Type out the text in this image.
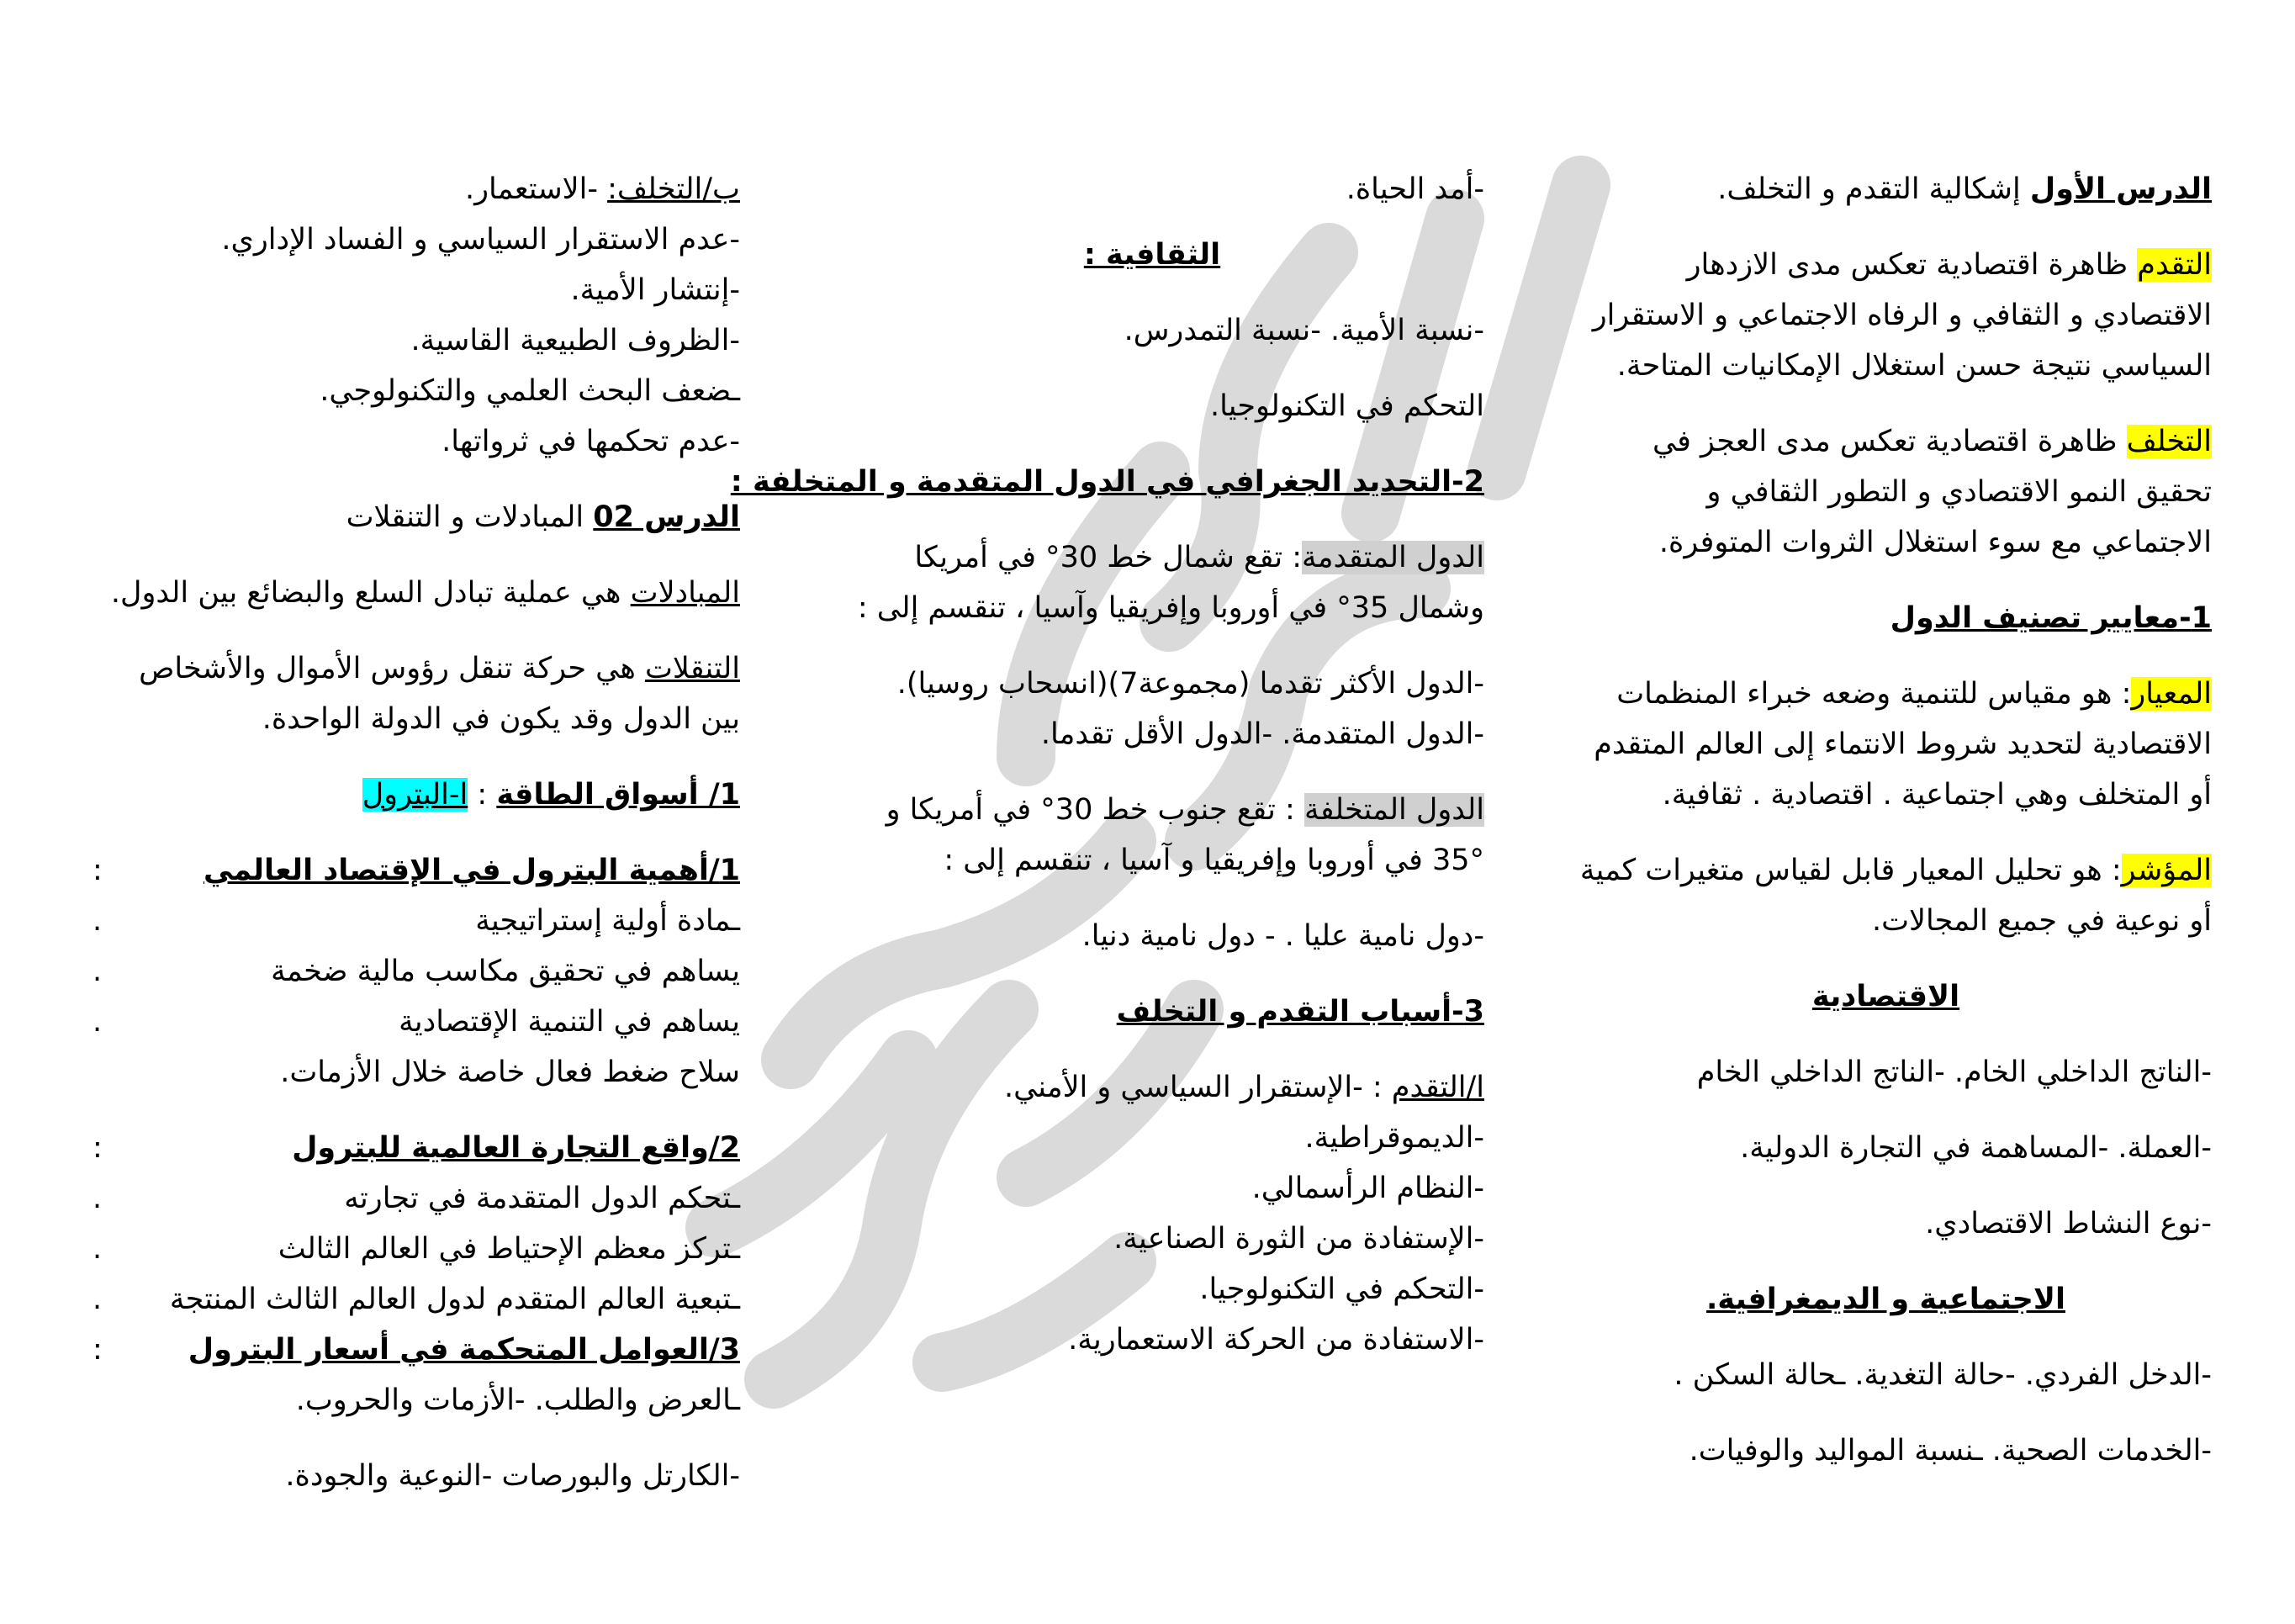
الدرس الأول إشكالية التقدم و التخلف.
التقدم ظاهرة اقتصادية تعكس مدى الازدهار
الاقتصادي و الثقافي و الرفاه الاجتماعي و الاستقرار
السياسي نتيجة حسن استغلال الإمكانيات المتاحة.
التخلف ظاهرة اقتصادية تعكس مدى العجز في
تحقيق النمو الاقتصادي و التطور الثقافي و
الاجتماعي مع سوء استغلال الثروات المتوفرة.
1-معايير تصنيف الدول
المعيار: هو مقياس للتنمية وضعه خبراء المنظمات
الاقتصادية لتحديد شروط الانتماء إلى العالم المتقدم
أو المتخلف وهي اجتماعية . اقتصادية . ثقافية.
المؤشر: هو تحليل المعيار قابل لقياس متغيرات كمية
أو نوعية في جميع المجالات.
الاقتصادية
-الناتج الداخلي الخام. -الناتج الداخلي الخام
-العملة. -المساهمة في التجارة الدولية.
-نوع النشاط الاقتصادي.
الاجتماعية و الديمغرافية.
-الدخل الفردي. -حالة التغدية. ـحالة السكن .
-الخدمات الصحية. ـنسبة المواليد والوفيات.
-أمد الحياة.
الثقافية :
-نسبة الأمية. -نسبة التمدرس.
التحكم في التكنولوجيا.
2-التحديد الجغرافي في الدول المتقدمة و المتخلفة :
الدول المتقدمة: تقع شمال خط 30° في أمريكا
وشمال 35° في أوروبا وإفريقيا وآسيا ، تنقسم إلى :
-الدول الأكثر تقدما (مجموعة7)(انسحاب روسيا).
-الدول المتقدمة. -الدول الأقل تقدما.
الدول المتخلفة : تقع جنوب خط 30° في أمريكا و
35° في أوروبا وإفريقيا و آسيا ، تنقسم إلى :
-دول نامية عليا . - دول نامية دنيا.
3-أسباب التقدم و التخلف
ا/التقدم : -الإستقرار السياسي و الأمني.
-الديموقراطية.
-النظام الرأسمالي.
-الإستفادة من الثورة الصناعية.
-التحكم في التكنولوجيا.
-الاستفادة من الحركة الاستعمارية.
ب/التخلف: -الاستعمار.
-عدم الاستقرار السياسي و الفساد الإداري.
-إنتشار الأمية.
-الظروف الطبيعية القاسية.
ـضعف البحث العلمي والتكنولوجي.
-عدم تحكمها في ثرواتها.
الدرس 02 المبادلات و التنقلات
المبادلات هي عملية تبادل السلع والبضائع بين الدول.
التنقلات هي حركة تنقل رؤوس الأموال والأشخاص
بين الدول وقد يكون في الدولة الواحدة.
1/ أسواق الطاقة : ا-البترول
1/أهمية البترول في الإقتصاد العالمي
:
ـمادة أولية إستراتيجية
.
يساهم في تحقيق مكاسب مالية ضخمة
.
يساهم في التنمية الإقتصادية
.
سلاح ضغط فعال خاصة خلال الأزمات.
2/واقع التجارة العالمية للبترول
:
ـتحكم الدول المتقدمة في تجارته
.
ـتركز معظم الإحتياط في العالم الثالث
.
ـتبعية العالم المتقدم لدول العالم الثالث المنتجة
.
3/العوامل المتحكمة في أسعار البترول
:
ـالعرض والطلب. -الأزمات والحروب.
-الكارتل والبورصات -النوعية والجودة.
